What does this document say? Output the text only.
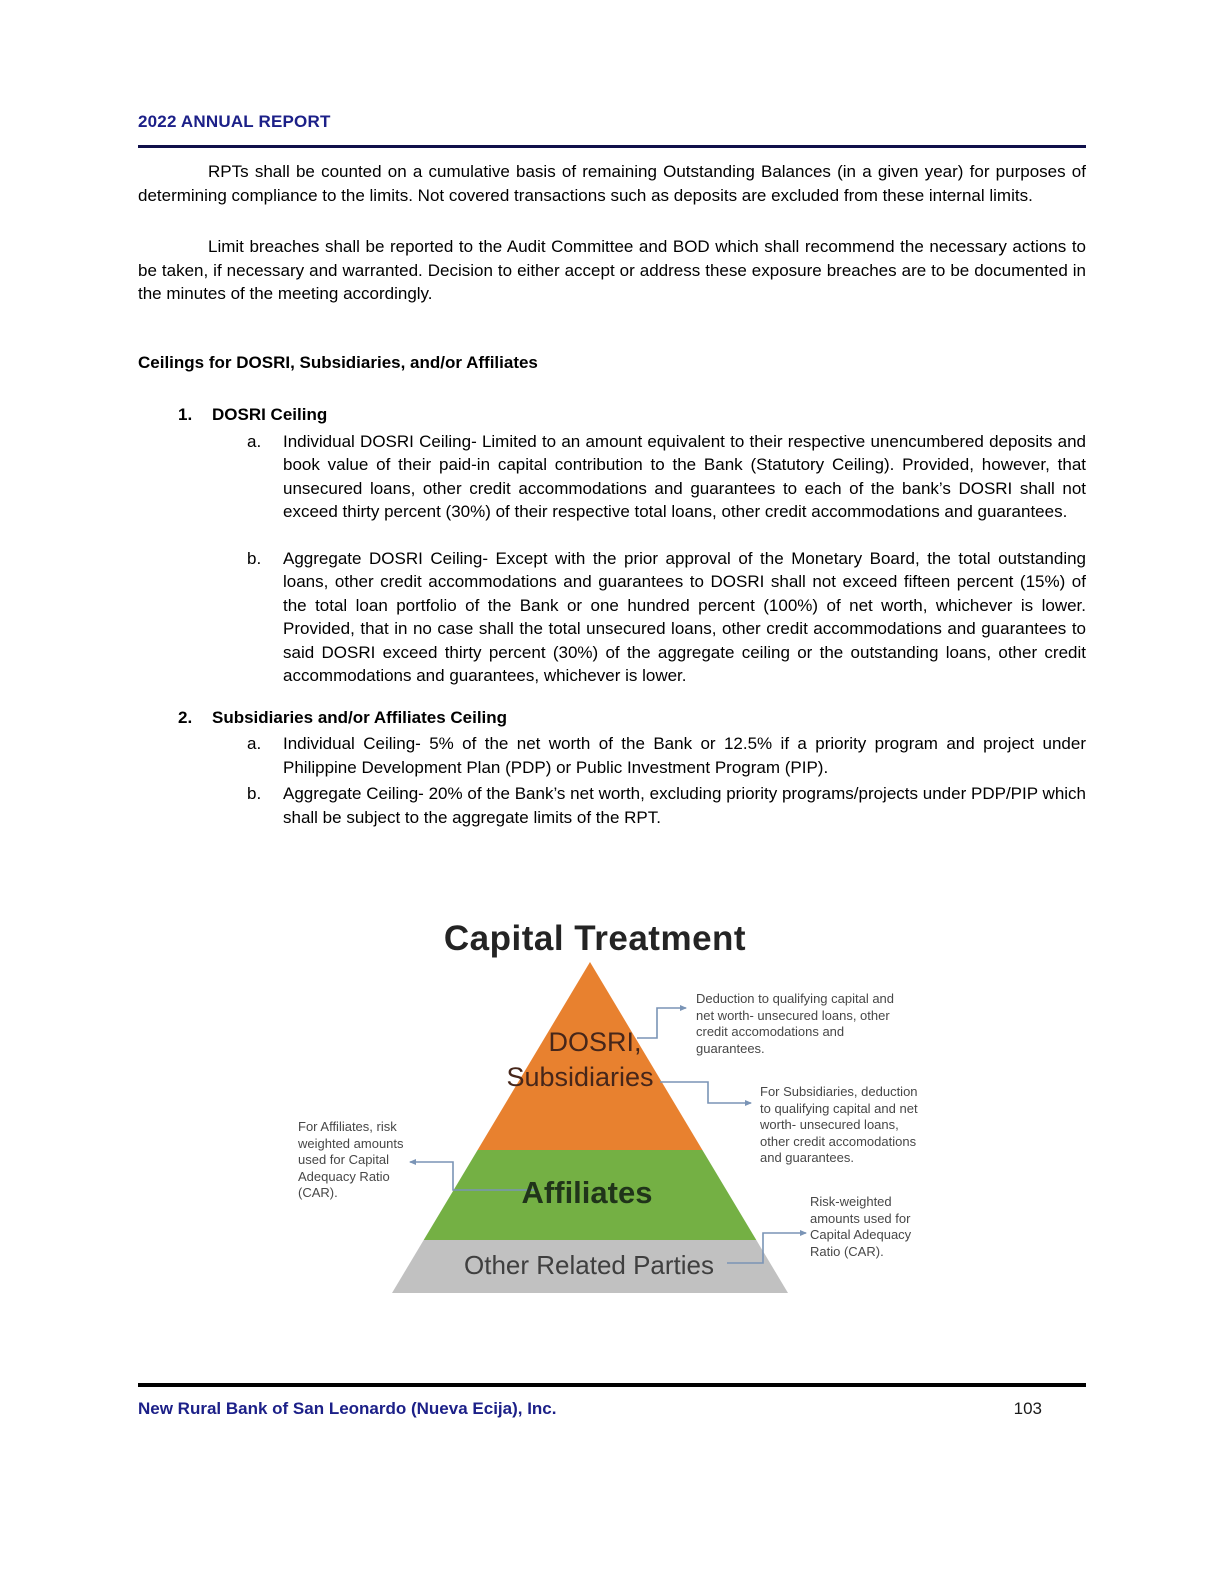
2022 ANNUAL REPORT

RPTs shall be counted on a cumulative basis of remaining Outstanding Balances (in a given year) for purposes of determining compliance to the limits. Not covered transactions such as deposits are excluded from these internal limits.

Limit breaches shall be reported to the Audit Committee and BOD which shall recommend the necessary actions to be taken, if necessary and warranted. Decision to either accept or address these exposure breaches are to be documented in the minutes of the meeting accordingly.

Ceilings for DOSRI, Subsidiaries, and/or Affiliates
1.	DOSRI Ceiling
a.	Individual DOSRI Ceiling- Limited to an amount equivalent to their respective unencumbered deposits and book value of their paid-in capital contribution to the Bank (Statutory Ceiling). Provided, however, that unsecured loans, other credit accommodations and guarantees to each of the bank’s DOSRI shall not exceed thirty percent (30%) of their respective total loans, other credit accommodations and guarantees.
b.	Aggregate DOSRI Ceiling- Except with the prior approval of the Monetary Board, the total outstanding loans, other credit accommodations and guarantees to DOSRI shall not exceed fifteen percent (15%) of the total loan portfolio of the Bank or one hundred percent (100%) of net worth, whichever is lower. Provided, that in no case shall the total unsecured loans, other credit accommodations and guarantees to said DOSRI exceed thirty percent (30%) of the aggregate ceiling or the outstanding loans, other credit accommodations and guarantees, whichever is lower.
2.	Subsidiaries and/or Affiliates Ceiling
a.	Individual Ceiling- 5% of the net worth of the Bank or 12.5% if a priority program and project under Philippine Development Plan (PDP) or Public Investment Program (PIP).
b.	Aggregate Ceiling- 20% of the Bank’s net worth, excluding priority programs/projects under PDP/PIP which shall be subject to the aggregate limits of the RPT.
Capital Treatment
DOSRI,
Subsidiaries
Affiliates
Other Related Parties
Deduction to qualifying capital and net worth- unsecured loans, other credit accomodations and guarantees.
For Subsidiaries, deduction to qualifying capital and net worth- unsecured loans, other credit accomodations and guarantees.
For Affiliates, risk weighted amounts used for Capital Adequacy Ratio (CAR).
Risk-weighted amounts used for Capital Adequacy Ratio (CAR).
New Rural Bank of San Leonardo (Nueva Ecija), Inc.	103
